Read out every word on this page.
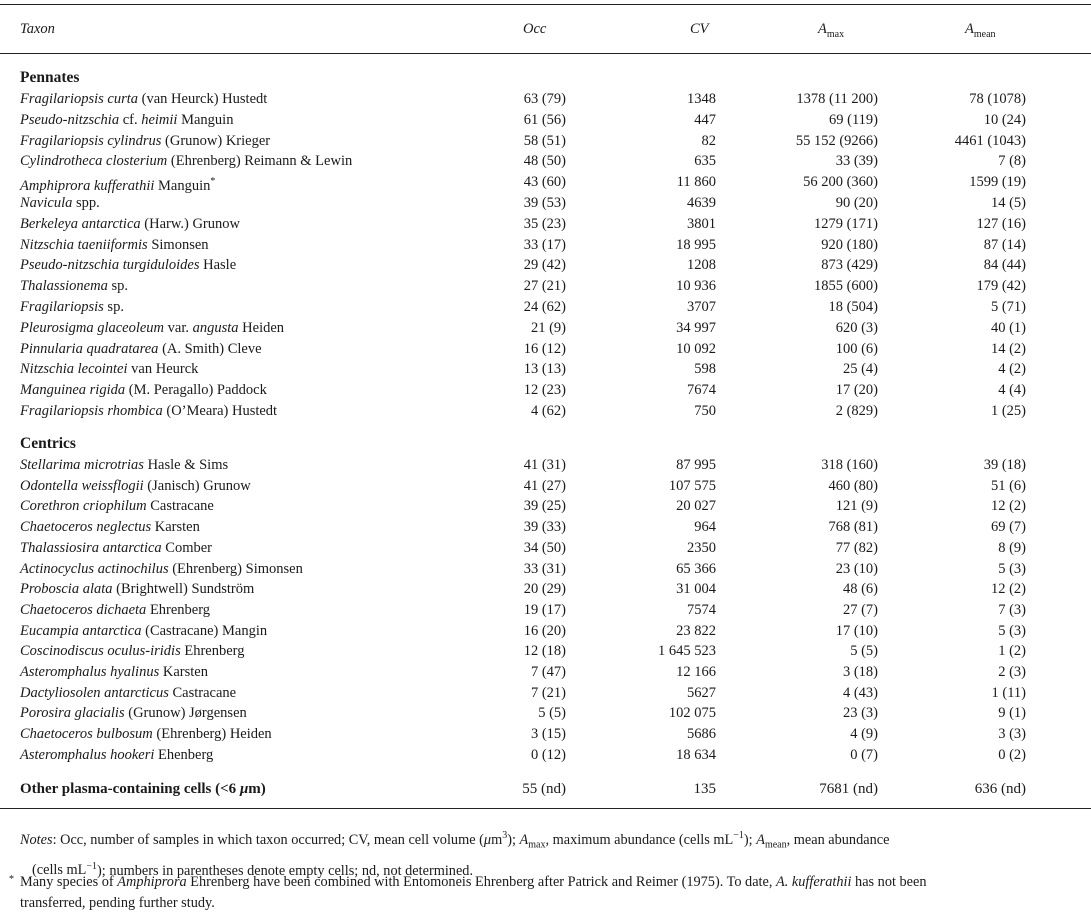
Taxon	Occ	CV	$A_{max}$	$A_{mean}$
Pennates
Fragilariopsis curta (van Heurck) Hustedt	63 (79)	1348	1378 (11 200)	78 (1078)
Pseudo-nitzschia cf. heimii Manguin	61 (56)	447	69 (119)	10 (24)
Fragilariopsis cylindrus (Grunow) Krieger	58 (51)	82	55 152 (9266)	4461 (1043)
Cylindrotheca closterium (Ehrenberg) Reimann & Lewin	48 (50)	635	33 (39)	7 (8)
Amphiprora kufferathii Manguin*	43 (60)	11 860	56 200 (360)	1599 (19)
Navicula spp.	39 (53)	4639	90 (20)	14 (5)
Berkeleya antarctica (Harw.) Grunow	35 (23)	3801	1279 (171)	127 (16)
Nitzschia taeniiformis Simonsen	33 (17)	18 995	920 (180)	87 (14)
Pseudo-nitzschia turgiduloides Hasle	29 (42)	1208	873 (429)	84 (44)
Thalassionema sp.	27 (21)	10 936	1855 (600)	179 (42)
Fragilariopsis sp.	24 (62)	3707	18 (504)	5 (71)
Pleurosigma glaceoleum var. angusta Heiden	21 (9)	34 997	620 (3)	40 (1)
Pinnularia quadratarea (A. Smith) Cleve	16 (12)	10 092	100 (6)	14 (2)
Nitzschia lecointei van Heurck	13 (13)	598	25 (4)	4 (2)
Manguinea rigida (M. Peragallo) Paddock	12 (23)	7674	17 (20)	4 (4)
Fragilariopsis rhombica (O’Meara) Hustedt	4 (62)	750	2 (829)	1 (25)
Centrics
Stellarima microtrias Hasle & Sims	41 (31)	87 995	318 (160)	39 (18)
Odontella weissflogii (Janisch) Grunow	41 (27)	107 575	460 (80)	51 (6)
Corethron criophilum Castracane	39 (25)	20 027	121 (9)	12 (2)
Chaetoceros neglectus Karsten	39 (33)	964	768 (81)	69 (7)
Thalassiosira antarctica Comber	34 (50)	2350	77 (82)	8 (9)
Actinocyclus actinochilus (Ehrenberg) Simonsen	33 (31)	65 366	23 (10)	5 (3)
Proboscia alata (Brightwell) Sundström	20 (29)	31 004	48 (6)	12 (2)
Chaetoceros dichaeta Ehrenberg	19 (17)	7574	27 (7)	7 (3)
Eucampia antarctica (Castracane) Mangin	16 (20)	23 822	17 (10)	5 (3)
Coscinodiscus oculus-iridis Ehrenberg	12 (18)	1 645 523	5 (5)	1 (2)
Asteromphalus hyalinus Karsten	7 (47)	12 166	3 (18)	2 (3)
Dactyliosolen antarcticus Castracane	7 (21)	5627	4 (43)	1 (11)
Porosira glacialis (Grunow) Jørgensen	5 (5)	102 075	23 (3)	9 (1)
Chaetoceros bulbosum (Ehrenberg) Heiden	3 (15)	5686	4 (9)	3 (3)
Asteromphalus hookeri Ehenberg	0 (12)	18 634	0 (7)	0 (2)
Other plasma-containing cells (<6 μm)	55 (nd)	135	7681 (nd)	636 (nd)
Notes: Occ, number of samples in which taxon occurred; CV, mean cell volume $(\mu m^3)$; $A_{max}$, maximum abundance (cells $mL^{-1}$); $A_{mean}$, mean abundance
(cells $mL^{-1}$); numbers in parentheses denote empty cells; nd, not determined.
* Many species of Amphiprora Ehrenberg have been combined with Entomoneis Ehrenberg after Patrick and Reimer (1975). To date, A. kufferathii has not been
transferred, pending further study.
